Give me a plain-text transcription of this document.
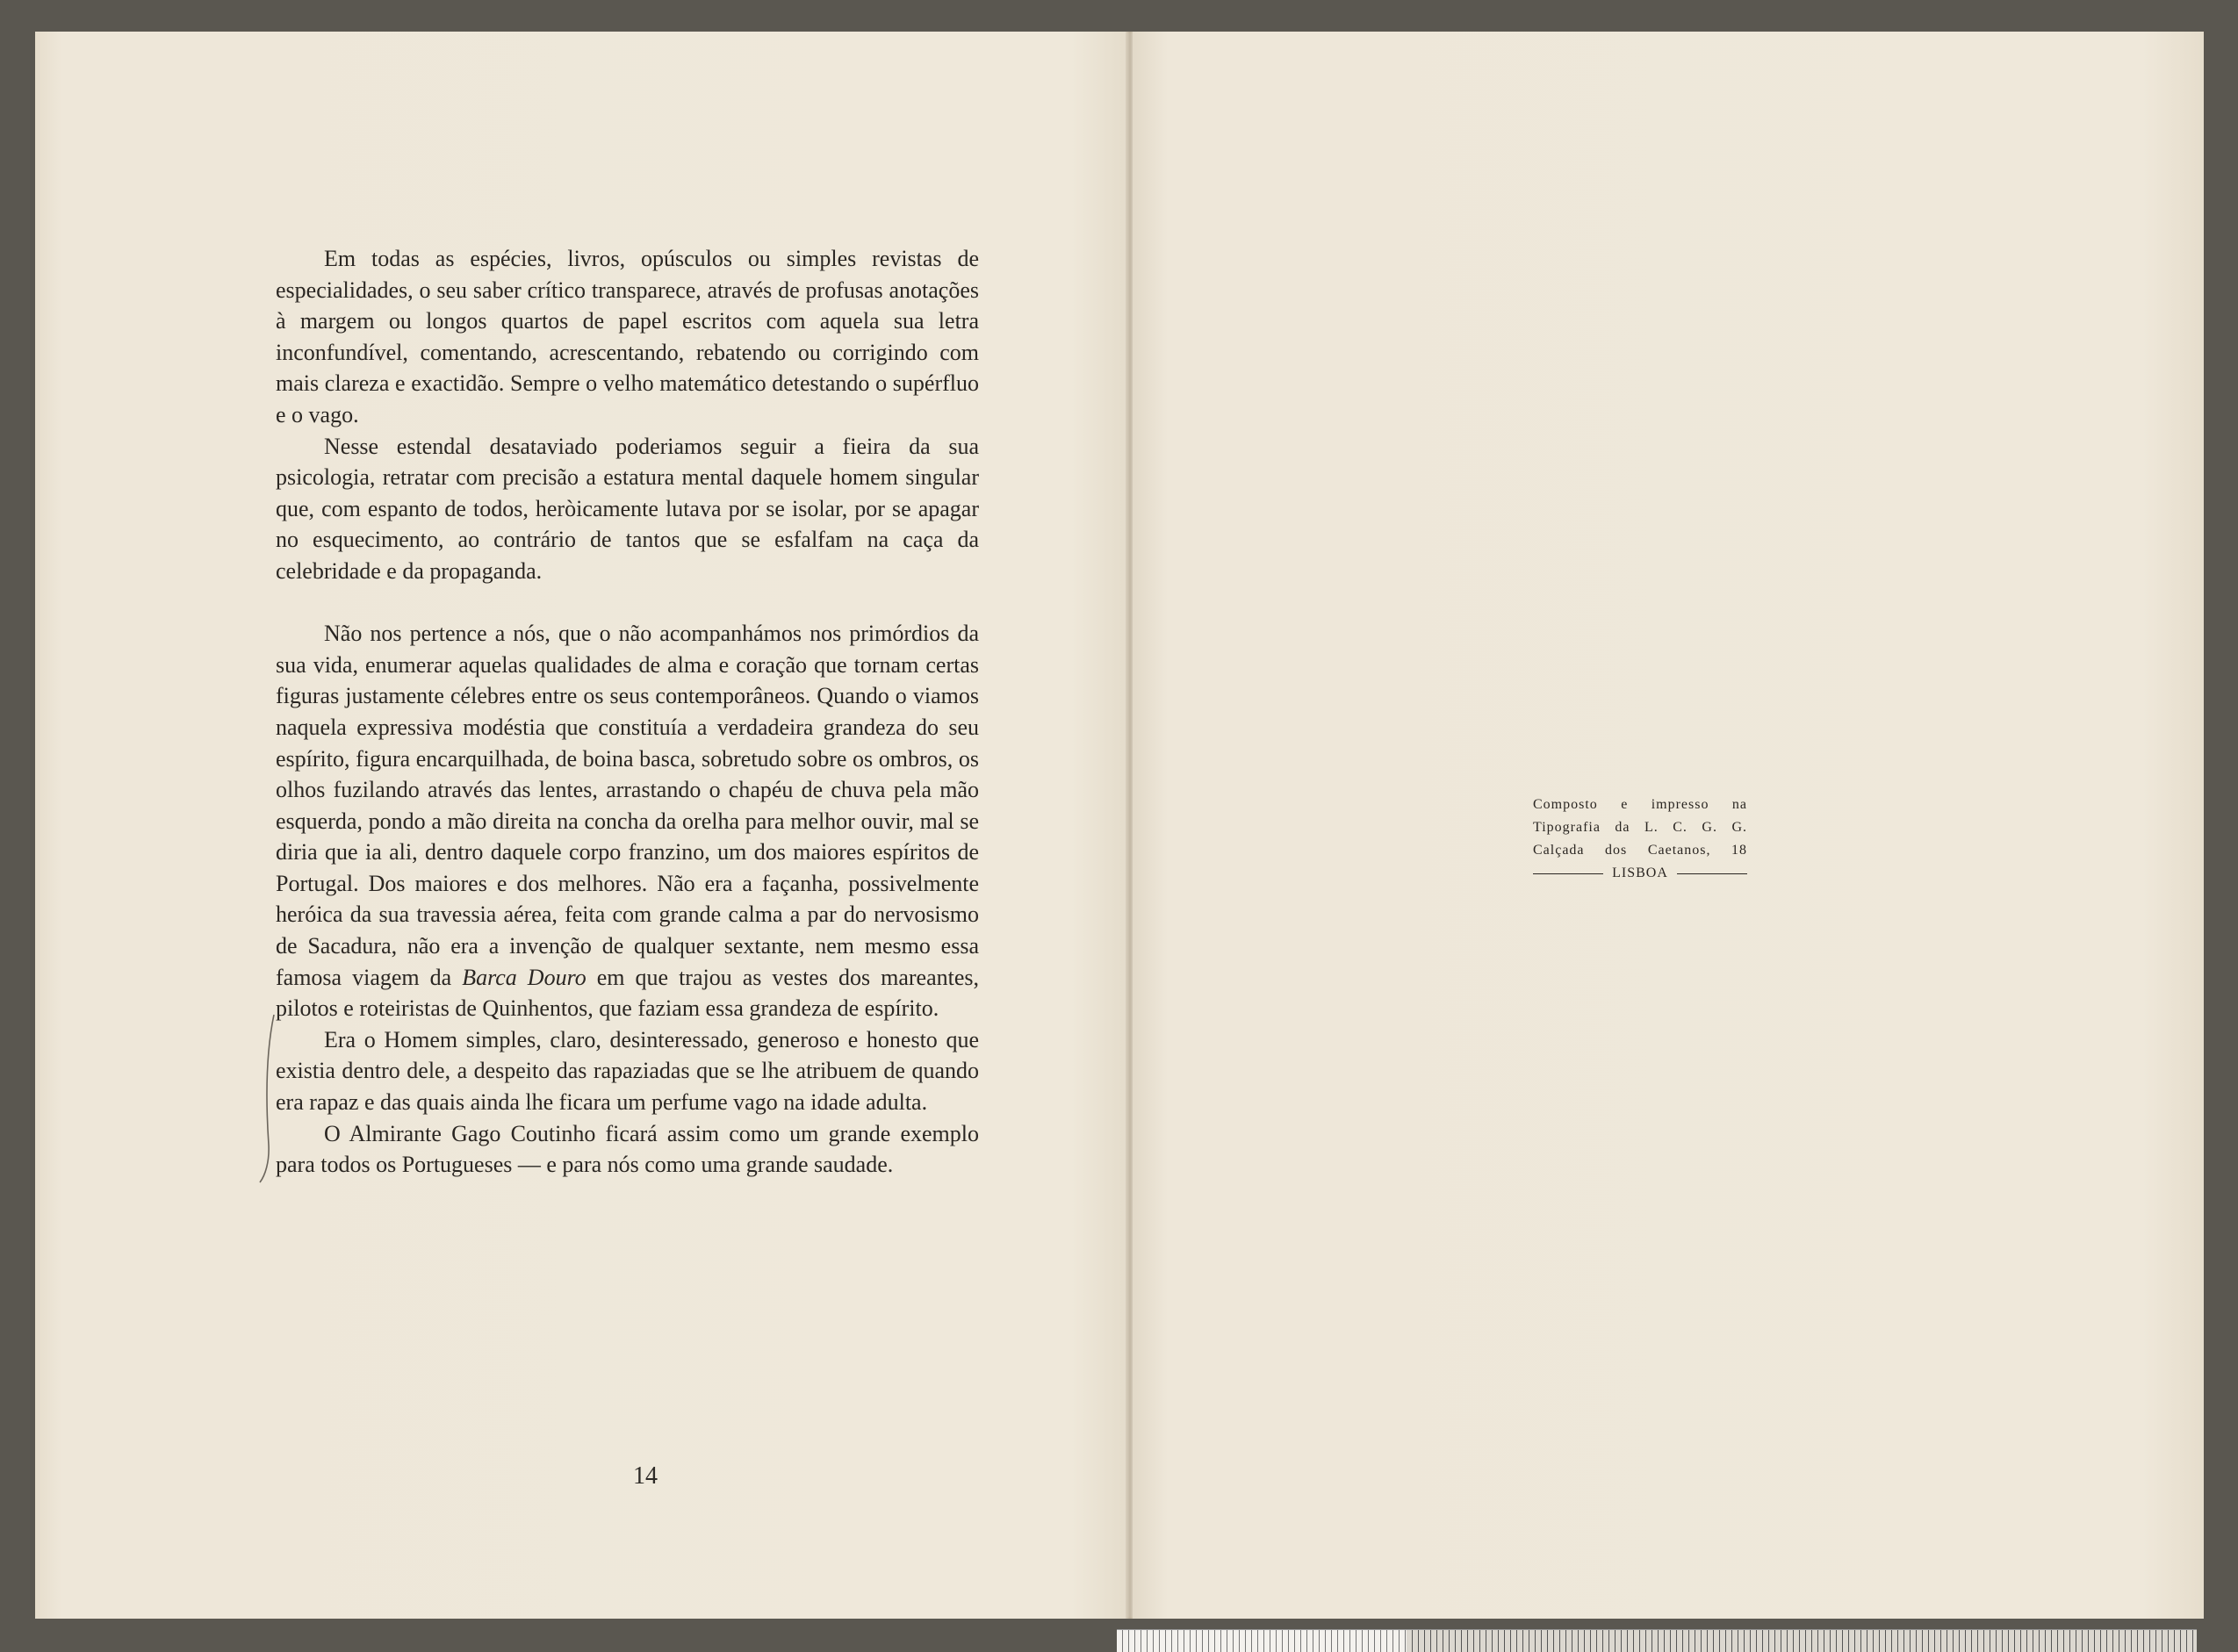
Em todas as espécies, livros, opúsculos ou simples revistas de especialidades, o seu saber crítico transparece, através de profusas anotações à margem ou longos quartos de papel escritos com aquela sua letra inconfundível, comentando, acrescentando, rebatendo ou corrigindo com mais clareza e exactidão. Sempre o velho matemático detestando o supérfluo e o vago.

Nesse estendal desataviado poderiamos seguir a fieira da sua psicologia, retratar com precisão a estatura mental daquele homem singular que, com espanto de todos, heròicamente lutava por se isolar, por se apagar no esquecimento, ao contrário de tantos que se esfalfam na caça da celebridade e da propaganda.

Não nos pertence a nós, que o não acompanhámos nos primórdios da sua vida, enumerar aquelas qualidades de alma e coração que tornam certas figuras justamente célebres entre os seus contemporâneos. Quando o viamos naquela expressiva modéstia que constituía a verdadeira grandeza do seu espírito, figura encarquilhada, de boina basca, sobretudo sobre os ombros, os olhos fuzilando através das lentes, arrastando o chapéu de chuva pela mão esquerda, pondo a mão direita na concha da orelha para melhor ouvir, mal se diria que ia ali, dentro daquele corpo franzino, um dos maiores espíritos de Portugal. Dos maiores e dos melhores. Não era a façanha, possivelmente heróica da sua travessia aérea, feita com grande calma a par do nervosismo de Sacadura, não era a invenção de qualquer sextante, nem mesmo essa famosa viagem da Barca Douro em que trajou as vestes dos mareantes, pilotos e roteiristas de Quinhentos, que faziam essa grandeza de espírito.

Era o Homem simples, claro, desinteressado, generoso e honesto que existia dentro dele, a despeito das rapaziadas que se lhe atribuem de quando era rapaz e das quais ainda lhe ficara um perfume vago na idade adulta.

O Almirante Gago Coutinho ficará assim como um grande exemplo para todos os Portugueses — e para nós como uma grande saudade.

14
Composto e impresso na
Tipografia da L. C. G. G.
Calçada dos Caetanos, 18
LISBOA
